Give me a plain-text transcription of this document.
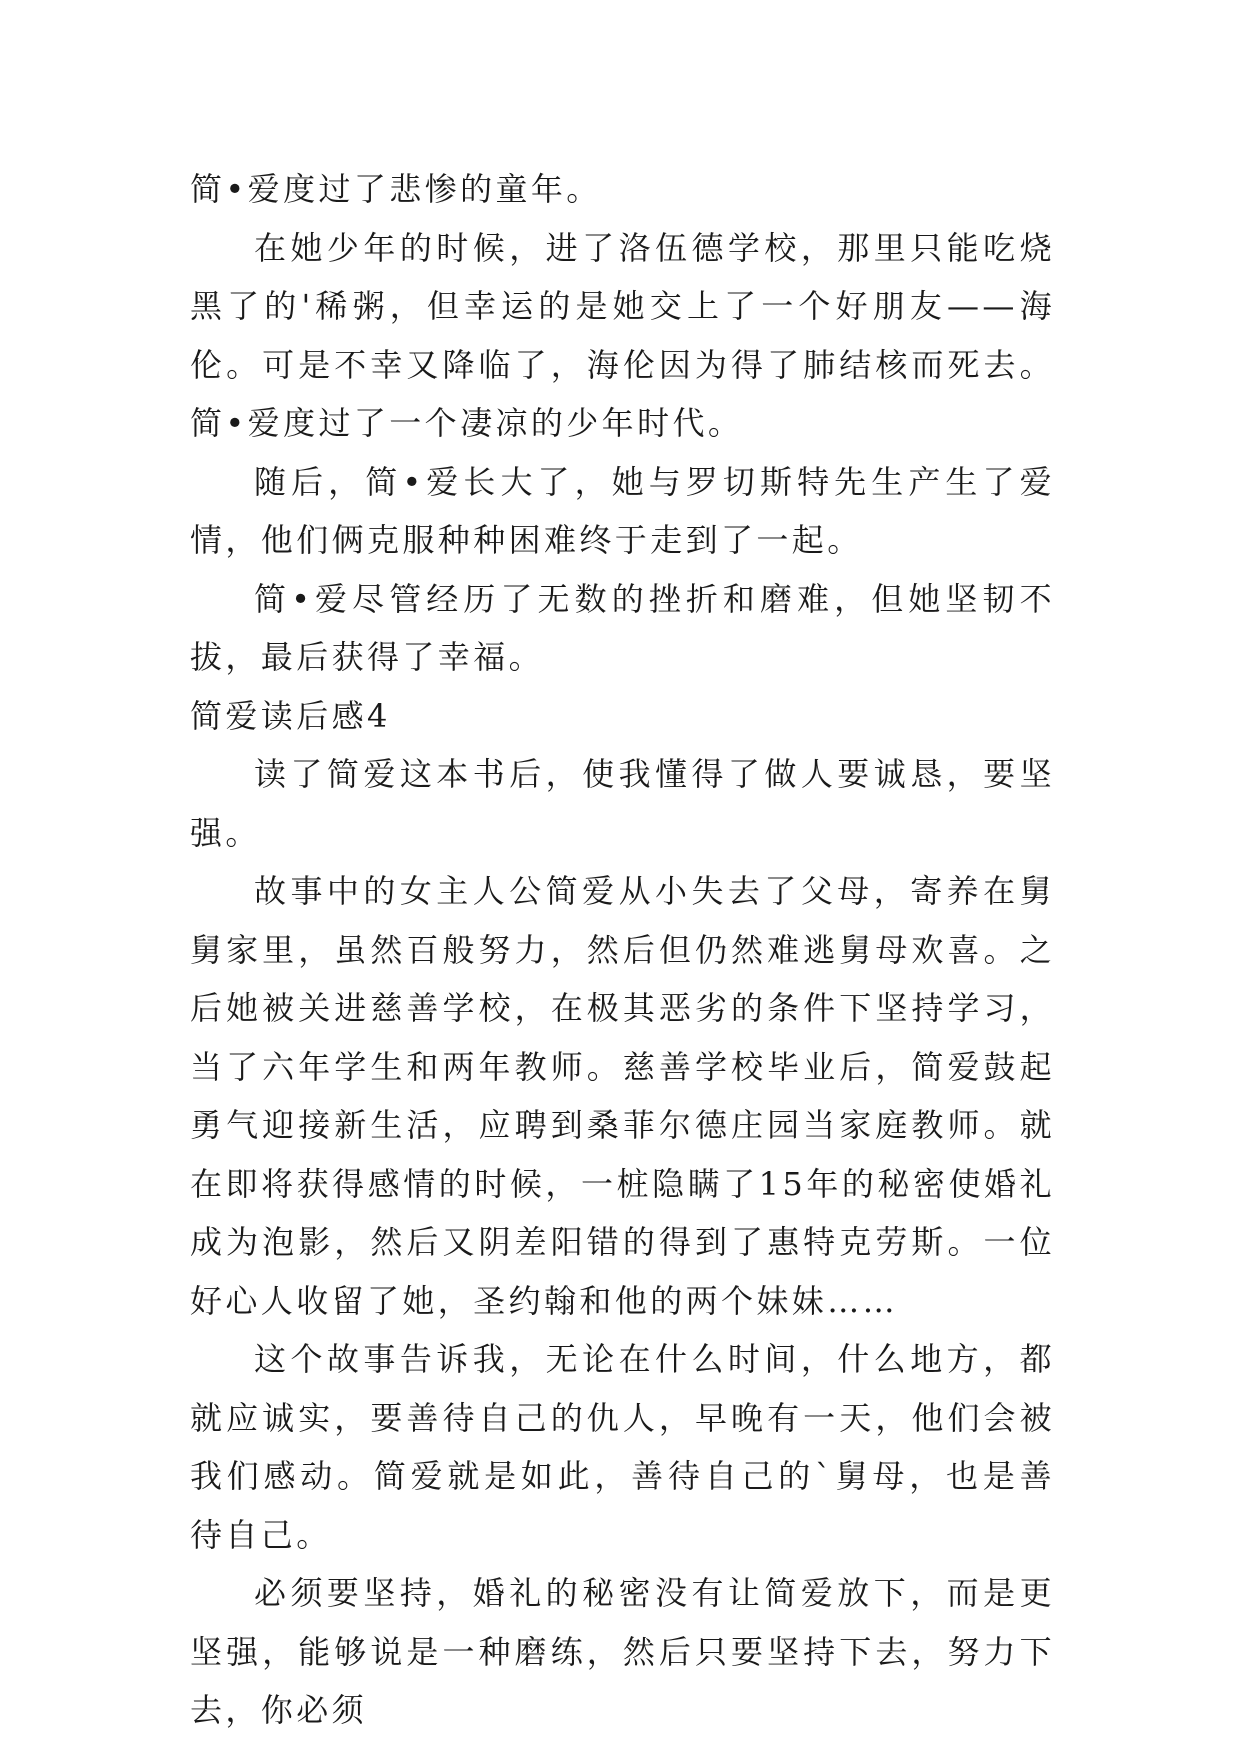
简•爱度过了悲惨的童年。

在她少年的时候，进了洛伍德学校，那里只能吃烧黑了的'稀粥，但幸运的是她交上了一个好朋友——海伦。可是不幸又降临了，海伦因为得了肺结核而死去。简•爱度过了一个凄凉的少年时代。

随后，简•爱长大了，她与罗切斯特先生产生了爱情，他们俩克服种种困难终于走到了一起。

简•爱尽管经历了无数的挫折和磨难，但她坚韧不拔，最后获得了幸福。

简爱读后感4

读了简爱这本书后，使我懂得了做人要诚恳，要坚强。

故事中的女主人公简爱从小失去了父母，寄养在舅舅家里，虽然百般努力，然后但仍然难逃舅母欢喜。之后她被关进慈善学校，在极其恶劣的条件下坚持学习，当了六年学生和两年教师。慈善学校毕业后，简爱鼓起勇气迎接新生活，应聘到桑菲尔德庄园当家庭教师。就在即将获得感情的时候，一桩隐瞒了15年的秘密使婚礼成为泡影，然后又阴差阳错的得到了惠特克劳斯。一位好心人收留了她，圣约翰和他的两个妹妹……

这个故事告诉我，无论在什么时间，什么地方，都就应诚实，要善待自己的仇人，早晚有一天，他们会被我们感动。简爱就是如此，善待自己的`舅母，也是善待自己。

必须要坚持，婚礼的秘密没有让简爱放下，而是更坚强，能够说是一种磨练，然后只要坚持下去，努力下去，你必须
